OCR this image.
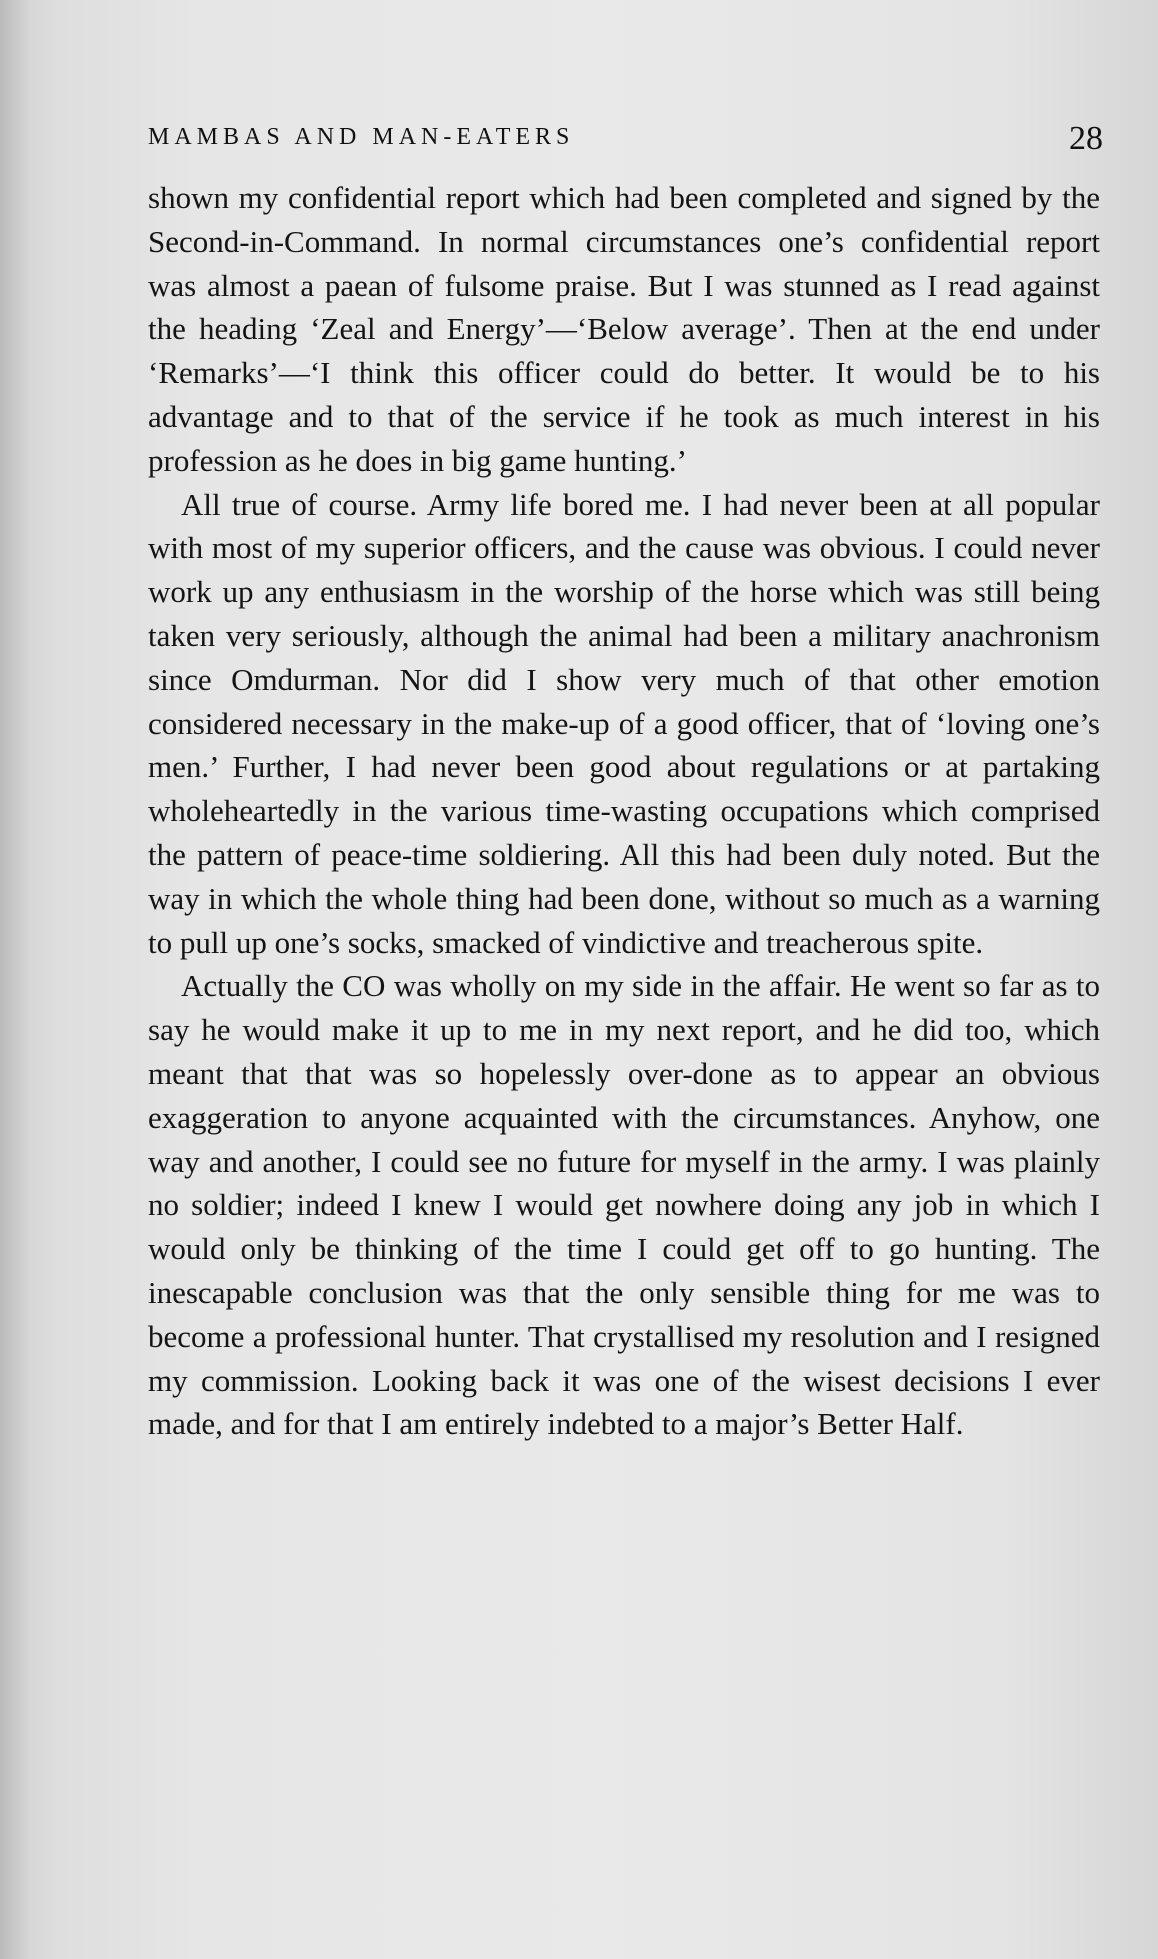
MAMBAS AND MAN-EATERS	28

shown my confidential report which had been completed and signed by the Second-in-Command. In normal circumstances one’s confidential report was almost a paean of fulsome praise. But I was stunned as I read against the heading ‘Zeal and Energy’—‘Below average’. Then at the end under ‘Remarks’—‘I think this officer could do better. It would be to his advantage and to that of the service if he took as much interest in his profession as he does in big game hunting.’

All true of course. Army life bored me. I had never been at all popular with most of my superior officers, and the cause was obvious. I could never work up any enthusiasm in the worship of the horse which was still being taken very seriously, although the animal had been a military anachronism since Omdurman. Nor did I show very much of that other emotion considered necessary in the make-up of a good officer, that of ‘loving one’s men.’ Further, I had never been good about regulations or at partaking wholeheartedly in the various time-wasting occupations which comprised the pattern of peace-time soldiering. All this had been duly noted. But the way in which the whole thing had been done, without so much as a warning to pull up one’s socks, smacked of vindictive and treacherous spite.

Actually the CO was wholly on my side in the affair. He went so far as to say he would make it up to me in my next report, and he did too, which meant that that was so hopelessly over-done as to appear an obvious exaggeration to anyone acquainted with the circumstances. Anyhow, one way and another, I could see no future for myself in the army. I was plainly no soldier; indeed I knew I would get nowhere doing any job in which I would only be thinking of the time I could get off to go hunting. The inescapable conclusion was that the only sensible thing for me was to become a professional hunter. That crystallised my resolution and I resigned my commission. Looking back it was one of the wisest decisions I ever made, and for that I am entirely indebted to a major’s Better Half.
